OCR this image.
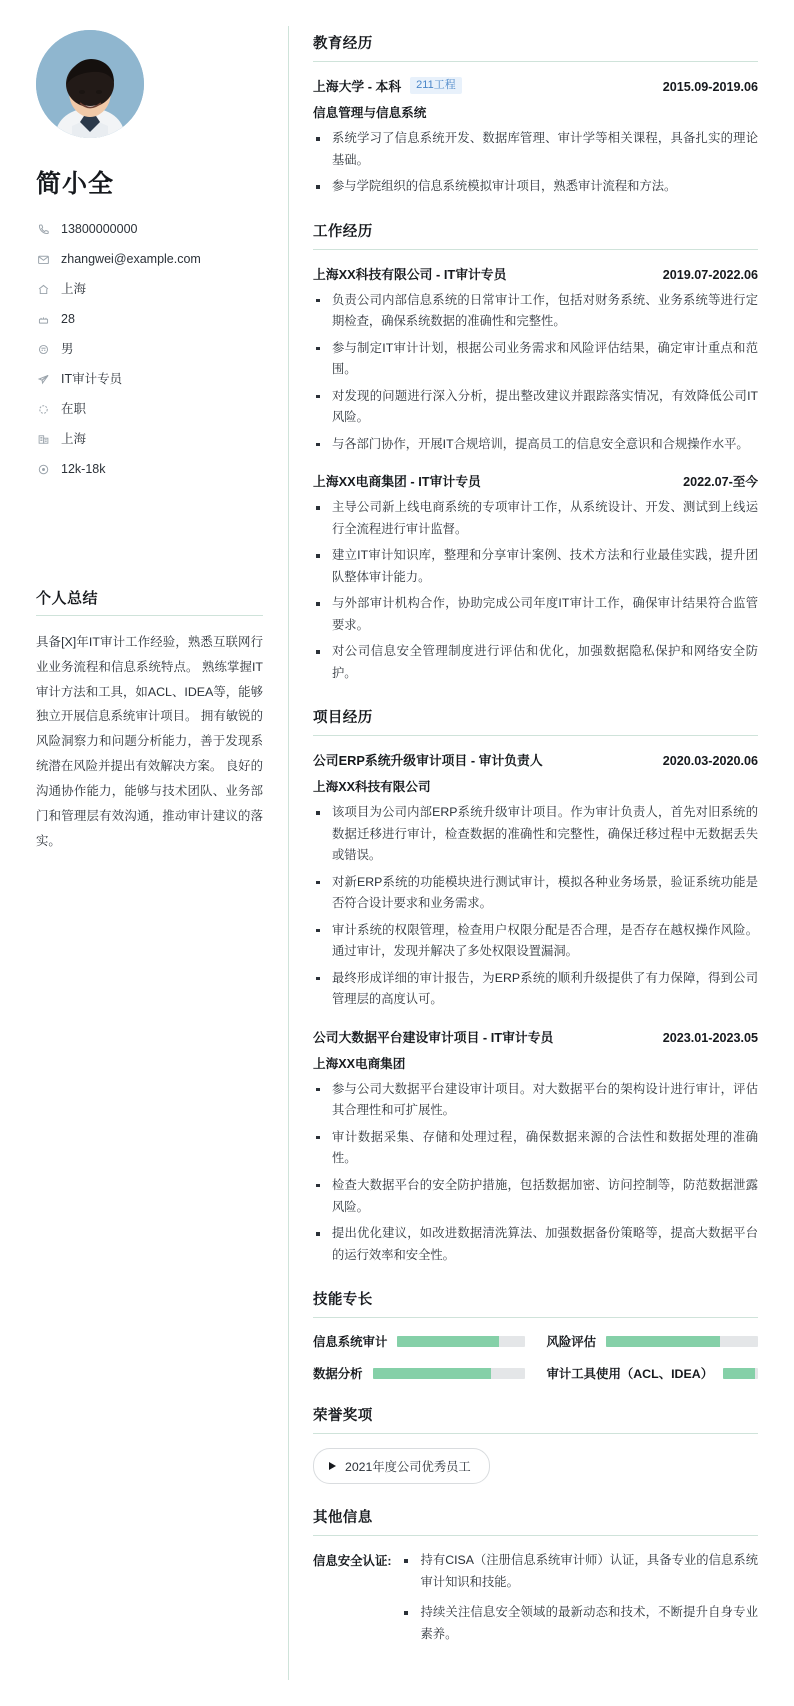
简小全
13800000000
zhangwei@example.com
上海
28
男
IT审计专员
在职
上海
12k-18k
个人总结
具备[X]年IT审计工作经验，熟悉互联网行业业务流程和信息系统特点。 熟练掌握IT审计方法和工具，如ACL、IDEA等，能够独立开展信息系统审计项目。 拥有敏锐的风险洞察力和问题分析能力，善于发现系统潜在风险并提出有效解决方案。 良好的沟通协作能力，能够与技术团队、业务部门和管理层有效沟通，推动审计建议的落实。
教育经历
上海大学 - 本科	211工程	2015.09-2019.06
信息管理与信息系统
系统学习了信息系统开发、数据库管理、审计学等相关课程，具备扎实的理论基础。
参与学院组织的信息系统模拟审计项目，熟悉审计流程和方法。
工作经历
上海XX科技有限公司 - IT审计专员	2019.07-2022.06
负责公司内部信息系统的日常审计工作，包括对财务系统、业务系统等进行定期检查，确保系统数据的准确性和完整性。
参与制定IT审计计划，根据公司业务需求和风险评估结果，确定审计重点和范围。
对发现的问题进行深入分析，提出整改建议并跟踪落实情况，有效降低公司IT风险。
与各部门协作，开展IT合规培训，提高员工的信息安全意识和合规操作水平。
上海XX电商集团 - IT审计专员	2022.07-至今
主导公司新上线电商系统的专项审计工作，从系统设计、开发、测试到上线运行全流程进行审计监督。
建立IT审计知识库，整理和分享审计案例、技术方法和行业最佳实践，提升团队整体审计能力。
与外部审计机构合作，协助完成公司年度IT审计工作，确保审计结果符合监管要求。
对公司信息安全管理制度进行评估和优化，加强数据隐私保护和网络安全防护。
项目经历
公司ERP系统升级审计项目 - 审计负责人	2020.03-2020.06
上海XX科技有限公司
该项目为公司内部ERP系统升级审计项目。作为审计负责人，首先对旧系统的数据迁移进行审计，检查数据的准确性和完整性，确保迁移过程中无数据丢失或错误。
对新ERP系统的功能模块进行测试审计，模拟各种业务场景，验证系统功能是否符合设计要求和业务需求。
审计系统的权限管理，检查用户权限分配是否合理，是否存在越权操作风险。通过审计，发现并解决了多处权限设置漏洞。
最终形成详细的审计报告，为ERP系统的顺利升级提供了有力保障，得到公司管理层的高度认可。
公司大数据平台建设审计项目 - IT审计专员	2023.01-2023.05
上海XX电商集团
参与公司大数据平台建设审计项目。对大数据平台的架构设计进行审计，评估其合理性和可扩展性。
审计数据采集、存储和处理过程，确保数据来源的合法性和数据处理的准确性。
检查大数据平台的安全防护措施，包括数据加密、访问控制等，防范数据泄露风险。
提出优化建议，如改进数据清洗算法、加强数据备份策略等，提高大数据平台的运行效率和安全性。
技能专长
信息系统审计	风险评估
数据分析	审计工具使用（ACL、IDEA）
荣誉奖项
2021年度公司优秀员工
其他信息
信息安全认证:	持有CISA（注册信息系统审计师）认证，具备专业的信息系统审计知识和技能。
持续关注信息安全领域的最新动态和技术，不断提升自身专业素养。
